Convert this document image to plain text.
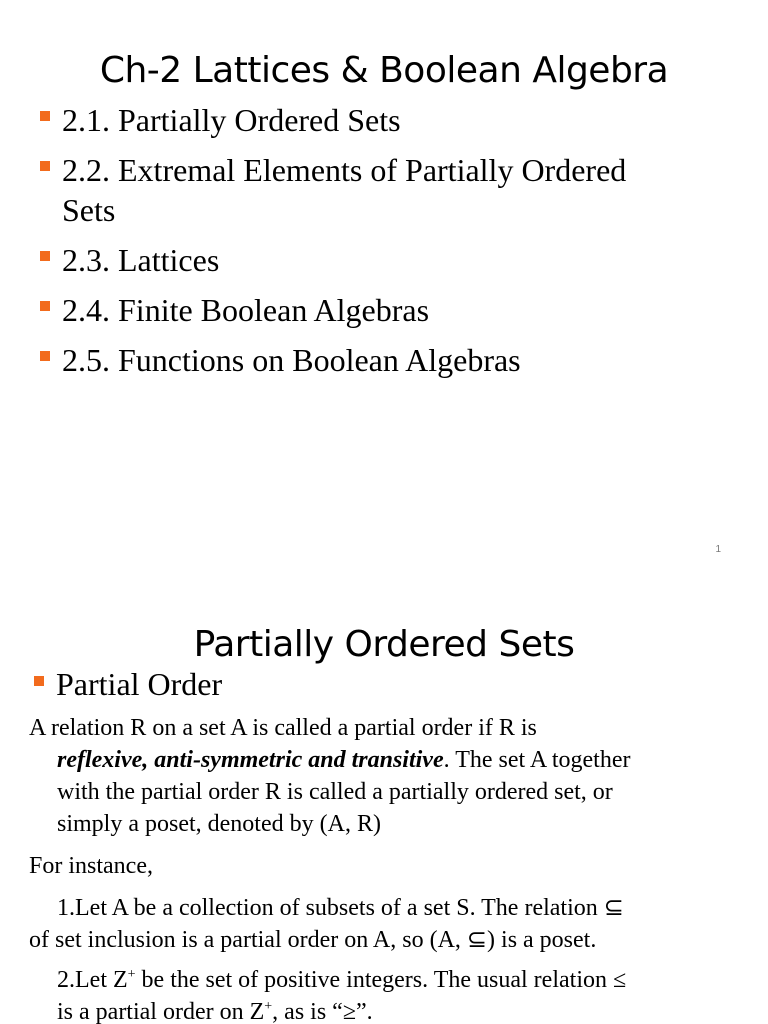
Ch-2 Lattices & Boolean Algebra
2.1. Partially Ordered Sets
2.2. Extremal Elements of Partially Ordered
Sets
2.3. Lattices
2.4. Finite Boolean Algebras
2.5. Functions on Boolean Algebras
1
Partially Ordered Sets
Partial Order
A relation R on a set A is called a partial order if R is
reflexive, anti-symmetric and transitive. The set A together
with the partial order R is called a partially ordered set, or
simply a poset, denoted by (A, R)
For instance,
1.Let A be a collection of subsets of a set S. The relation ⊆
of set inclusion is a partial order on A, so (A, ⊆) is a poset.
2.Let Z+ be the set of positive integers. The usual relation ≤
is a partial order on Z+, as is “≥”.
